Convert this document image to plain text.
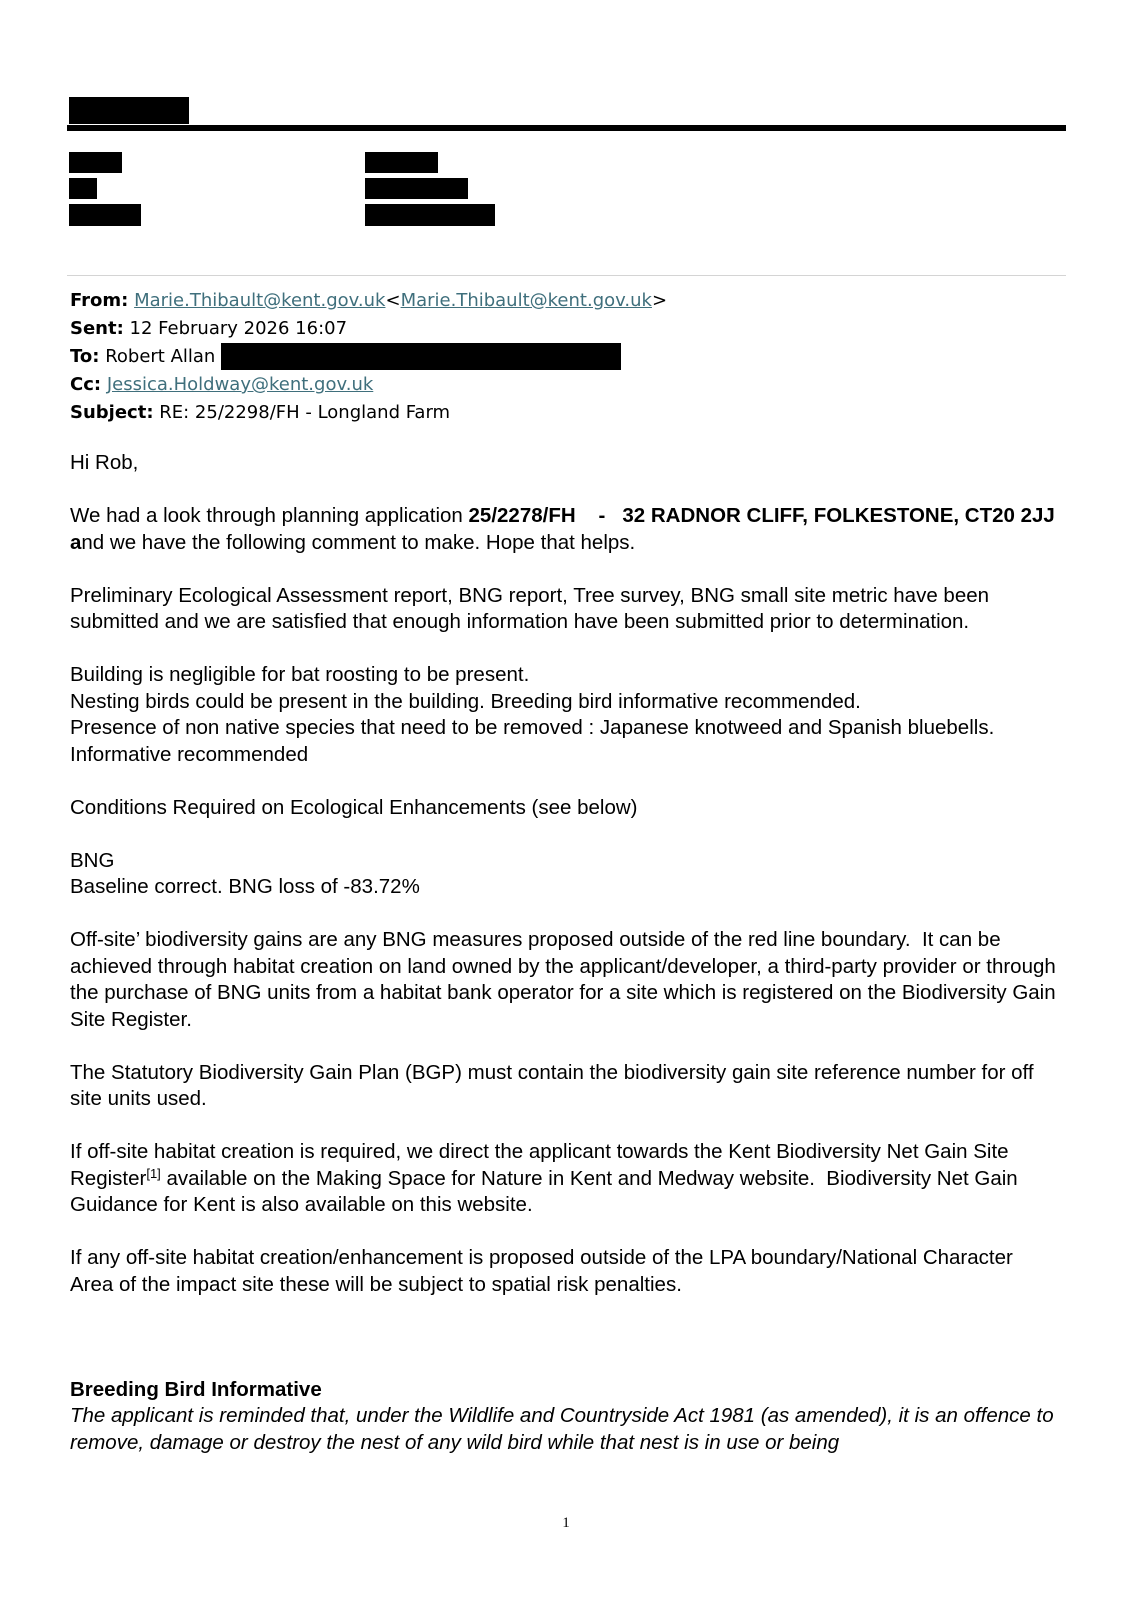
From: Marie.Thibault@kent.gov.uk<Marie.Thibault@kent.gov.uk>
Sent: 12 February 2026 16:07
To: Robert Allan
Cc: Jessica.Holdway@kent.gov.uk
Subject: RE: 25/2298/FH - Longland Farm

Hi Rob,

We had a look through planning application 25/2278/FH    -   32 RADNOR CLIFF, FOLKESTONE, CT20 2JJ and we have the following comment to make. Hope that helps.

Preliminary Ecological Assessment report, BNG report, Tree survey, BNG small site metric have been submitted and we are satisfied that enough information have been submitted prior to determination.

Building is negligible for bat roosting to be present.

Nesting birds could be present in the building. Breeding bird informative recommended.

Presence of non native species that need to be removed : Japanese knotweed and Spanish bluebells. Informative recommended

Conditions Required on Ecological Enhancements (see below)

BNG

Baseline correct. BNG loss of -83.72%

Off-site’ biodiversity gains are any BNG measures proposed outside of the red line boundary.  It can be achieved through habitat creation on land owned by the applicant/developer, a third-party provider or through the purchase of BNG units from a habitat bank operator for a site which is registered on the Biodiversity Gain Site Register.

The Statutory Biodiversity Gain Plan (BGP) must contain the biodiversity gain site reference number for off site units used.

If off-site habitat creation is required, we direct the applicant towards the Kent Biodiversity Net Gain Site Register[1] available on the Making Space for Nature in Kent and Medway website.  Biodiversity Net Gain Guidance for Kent is also available on this website.

If any off-site habitat creation/enhancement is proposed outside of the LPA boundary/National Character Area of the impact site these will be subject to spatial risk penalties.

Breeding Bird Informative

The applicant is reminded that, under the Wildlife and Countryside Act 1981 (as amended), it is an offence to remove, damage or destroy the nest of any wild bird while that nest is in use or being

1
